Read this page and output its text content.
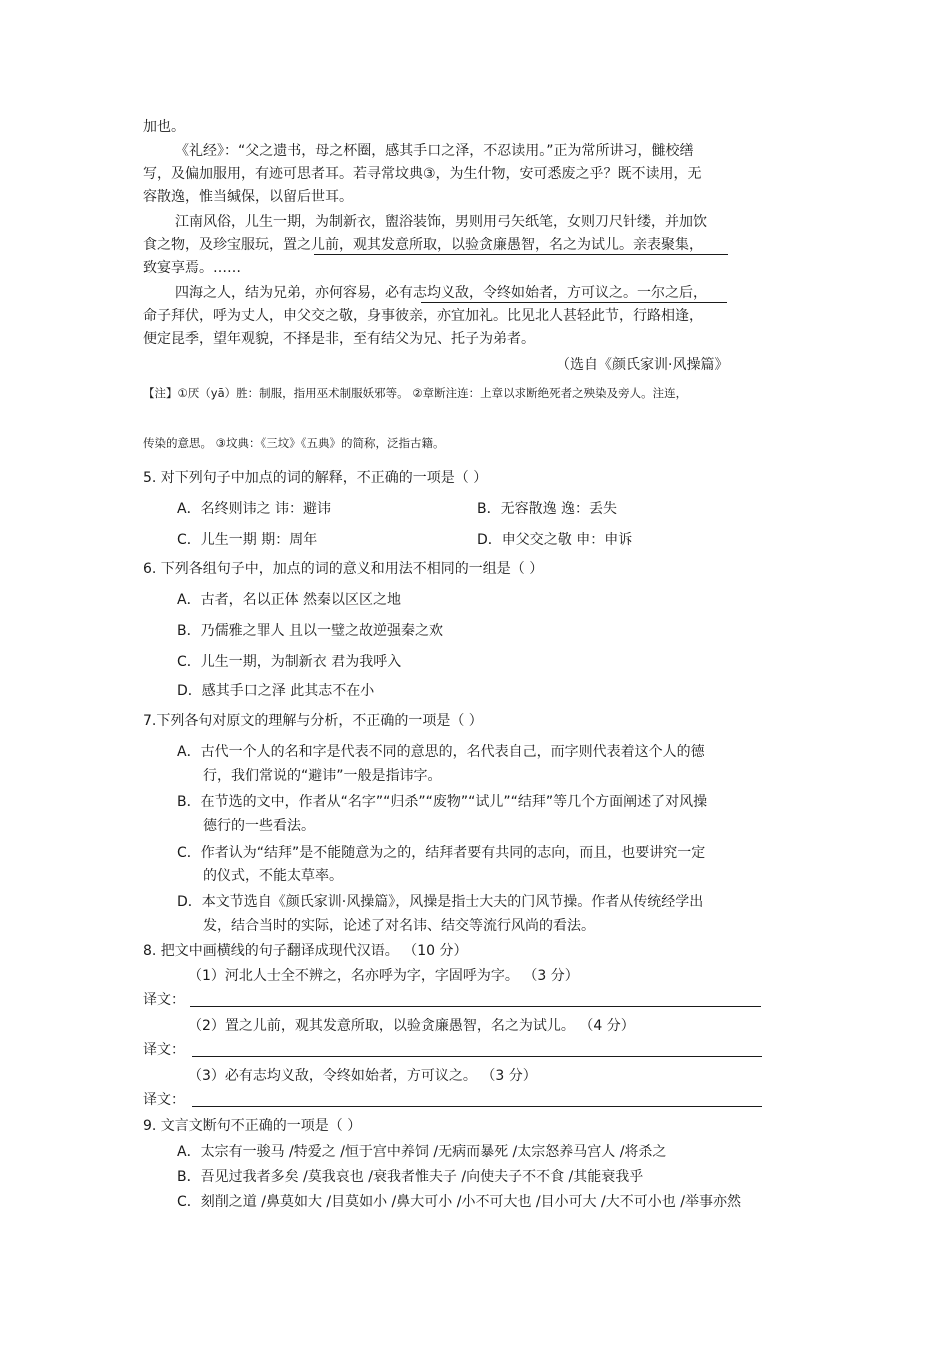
加也。
《礼经》：“父之遗书，母之杯圈，感其手口之泽，不忍读用。”正为常所讲习，雠校缮
写，及偏加服用，有迹可思者耳。若寻常坟典③，为生什物，安可悉废之乎？既不读用，无
容散逸，惟当缄保，以留后世耳。
江南风俗，儿生一期，为制新衣，盥浴装饰，男则用弓矢纸笔，女则刀尺针缕，并加饮
食之物，及珍宝服玩，置之儿前，观其发意所取，以验贪廉愚智，名之为试儿。亲表聚集，
致宴享焉。……
四海之人，结为兄弟，亦何容易，必有志均义敌，令终如始者，方可议之。一尔之后，
命子拜伏，呼为丈人，申父交之敬，身事彼亲，亦宜加礼。比见北人甚轻此节，行路相逢，
便定昆季，望年观貌，不择是非，至有结父为兄、托子为弟者。
（选自《颜氏家训·风操篇》
【注】①厌（yā）胜：制服，指用巫术制服妖邪等。 ②章断注连：上章以求断绝死者之殃染及旁人。注连，
传染的意思。 ③坟典：《三坟》《五典》的简称，泛指古籍。
5. 对下列句子中加点的词的解释，不正确的一项是（ ）
A．名终则讳之 讳：避讳	B．无容散逸 逸：丢失
C．儿生一期 期：周年	D．申父交之敬 申：申诉
6. 下列各组句子中，加点的词的意义和用法不相同的一组是（ ）
A．古者，名以正体 然秦以区区之地
B．乃儒雅之罪人 且以一璧之故逆强秦之欢
C．儿生一期，为制新衣 君为我呼入
D．感其手口之泽 此其志不在小
7.下列各句对原文的理解与分析，不正确的一项是（ ）
A．古代一个人的名和字是代表不同的意思的，名代表自己，而字则代表着这个人的德
行，我们常说的“避讳”一般是指讳字。
B．在节选的文中，作者从“名字”“归杀”“废物”“试儿”“结拜”等几个方面阐述了对风操
德行的一些看法。
C．作者认为“结拜”是不能随意为之的，结拜者要有共同的志向，而且，也要讲究一定
的仪式，不能太草率。
D．本文节选自《颜氏家训·风操篇》，风操是指士大夫的门风节操。作者从传统经学出
发，结合当时的实际，论述了对名讳、结交等流行风尚的看法。
8. 把文中画横线的句子翻译成现代汉语。 （10 分）
（1）河北人士全不辨之，名亦呼为字，字固呼为字。 （3 分）
译文：
（2）置之儿前，观其发意所取，以验贪廉愚智，名之为试儿。 （4 分）
译文：
（3）必有志均义敌，令终如始者，方可议之。 （3 分）
译文：
9. 文言文断句不正确的一项是（ ）
A．太宗有一骏马 /特爱之 /恒于宫中养饲 /无病而暴死 /太宗怒养马宫人 /将杀之
B．吾见过我者多矣 /莫我哀也 /衰我者惟夫子 /向使夫子不不食 /其能衰我乎
C．刻削之道 /鼻莫如大 /目莫如小 /鼻大可小 /小不可大也 /目小可大 /大不可小也 /举事亦然
